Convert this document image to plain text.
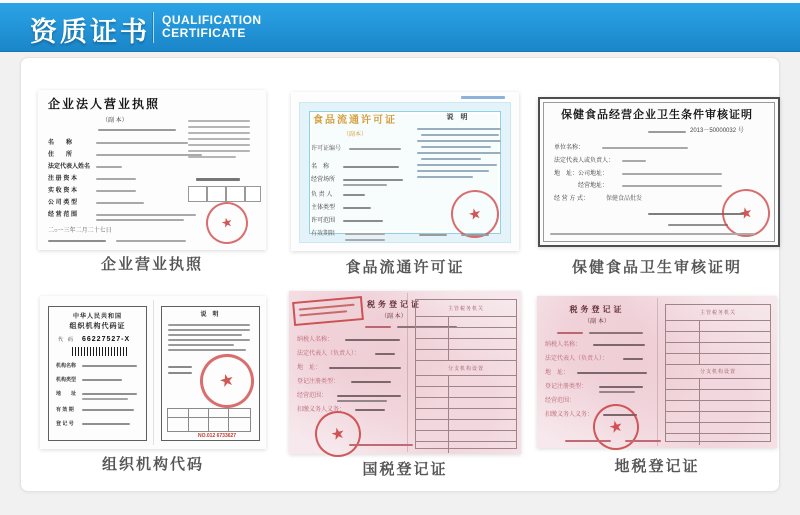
资质证书 QUALIFICATION
CERTIFICATE
企业法人营业执照
（副 本）
名　　称
住　　所
法定代表人姓名
注 册 资 本
实 收 资 本
公 司 类 型
经 营 范 围	★
二○一三年二月二十七日
企业营业执照
食品流通许可证
（副本）
许可证编号
名　称
经营场所
负 责 人
主体类型
许可范围
有效期限
说　明
★
食品流通许可证
保健食品经营企业卫生条件审核证明
2013－50000032 号
单位名称：
法定代表人或负责人：
地　址：公司地址：
经营地址：
经 营 方 式：	保健食品批发
★
保健食品卫生审核证明
中华人民共和国
组织机构代码证
代　码 66227527-X
机构名称
机构类型
地　　址
有 效 期
登 记 号
说　明
★
NO.012 6733627
组织机构代码
税务登记证
（副 本）
纳税人名称：
法定代表人（负责人）：
地　址：
登记注册类型：
经营范围：
扣缴义务人义务：
★
主管税务机关
分支机构设置
国税登记证
税务登记证
（副 本）
纳税人名称：
法定代表人（负责人）：
地　址：
登记注册类型：
经营范围：
扣缴义务人义务：
★
主管税务机关
分支机构设置
地税登记证
